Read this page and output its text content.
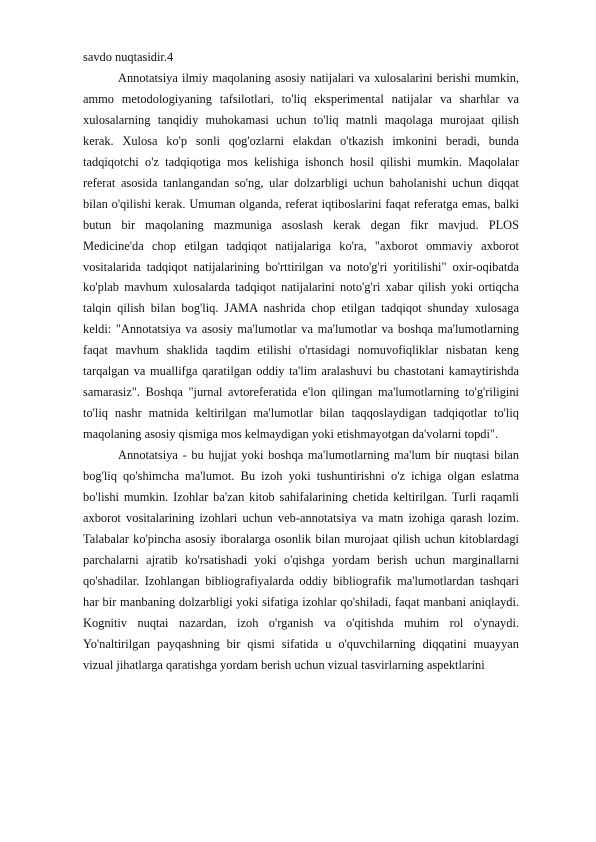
savdo nuqtasidir.4

Annotatsiya ilmiy maqolaning asosiy natijalari va xulosalarini berishi mumkin, ammo metodologiyaning tafsilotlari, to'liq eksperimental natijalar va sharhlar va xulosalarning tanqidiy muhokamasi uchun to'liq matnli maqolaga murojaat qilish kerak. Xulosa ko'p sonli qog'ozlarni elakdan o'tkazish imkonini beradi, bunda tadqiqotchi o'z tadqiqotiga mos kelishiga ishonch hosil qilishi mumkin. Maqolalar referat asosida tanlangandan so'ng, ular dolzarbligi uchun baholanishi uchun diqqat bilan o'qilishi kerak. Umuman olganda, referat iqtiboslarini faqat referatga emas, balki butun bir maqolaning mazmuniga asoslash kerak degan fikr mavjud. PLOS Medicine'da chop etilgan tadqiqot natijalariga ko'ra, "axborot ommaviy axborot vositalarida tadqiqot natijalarining bo'rttirilgan va noto'g'ri yoritilishi" oxir-oqibatda ko'plab mavhum xulosalarda tadqiqot natijalarini noto'g'ri xabar qilish yoki ortiqcha talqin qilish bilan bog'liq. JAMA nashrida chop etilgan tadqiqot shunday xulosaga keldi: "Annotatsiya va asosiy ma'lumotlar va ma'lumotlar va boshqa ma'lumotlarning faqat mavhum shaklida taqdim etilishi o'rtasidagi nomuvofiqliklar nisbatan keng tarqalgan va muallifga qaratilgan oddiy ta'lim aralashuvi bu chastotani kamaytirishda samarasiz". Boshqa "jurnal avtoreferatida e'lon qilingan ma'lumotlarning to'g'riligini to'liq nashr matnida keltirilgan ma'lumotlar bilan taqqoslaydigan tadqiqotlar to'liq maqolaning asosiy qismiga mos kelmaydigan yoki etishmayotgan da'volarni topdi".

Annotatsiya - bu hujjat yoki boshqa ma'lumotlarning ma'lum bir nuqtasi bilan bog'liq qo'shimcha ma'lumot. Bu izoh yoki tushuntirishni o'z ichiga olgan eslatma bo'lishi mumkin. Izohlar ba'zan kitob sahifalarining chetida keltirilgan. Turli raqamli axborot vositalarining izohlari uchun veb-annotatsiya va matn izohiga qarash lozim. Talabalar ko'pincha asosiy iboralarga osonlik bilan murojaat qilish uchun kitoblardagi parchalarni ajratib ko'rsatishadi yoki o'qishga yordam berish uchun marginallarni qo'shadilar. Izohlangan bibliografiyalarda oddiy bibliografik ma'lumotlardan tashqari har bir manbaning dolzarbligi yoki sifatiga izohlar qo'shiladi, faqat manbani aniqlaydi. Kognitiv nuqtai nazardan, izoh o'rganish va o'qitishda muhim rol o'ynaydi. Yo'naltirilgan payqashning bir qismi sifatida u o'quvchilarning diqqatini muayyan vizual jihatlarga qaratishga yordam berish uchun vizual tasvirlarning aspektlarini
